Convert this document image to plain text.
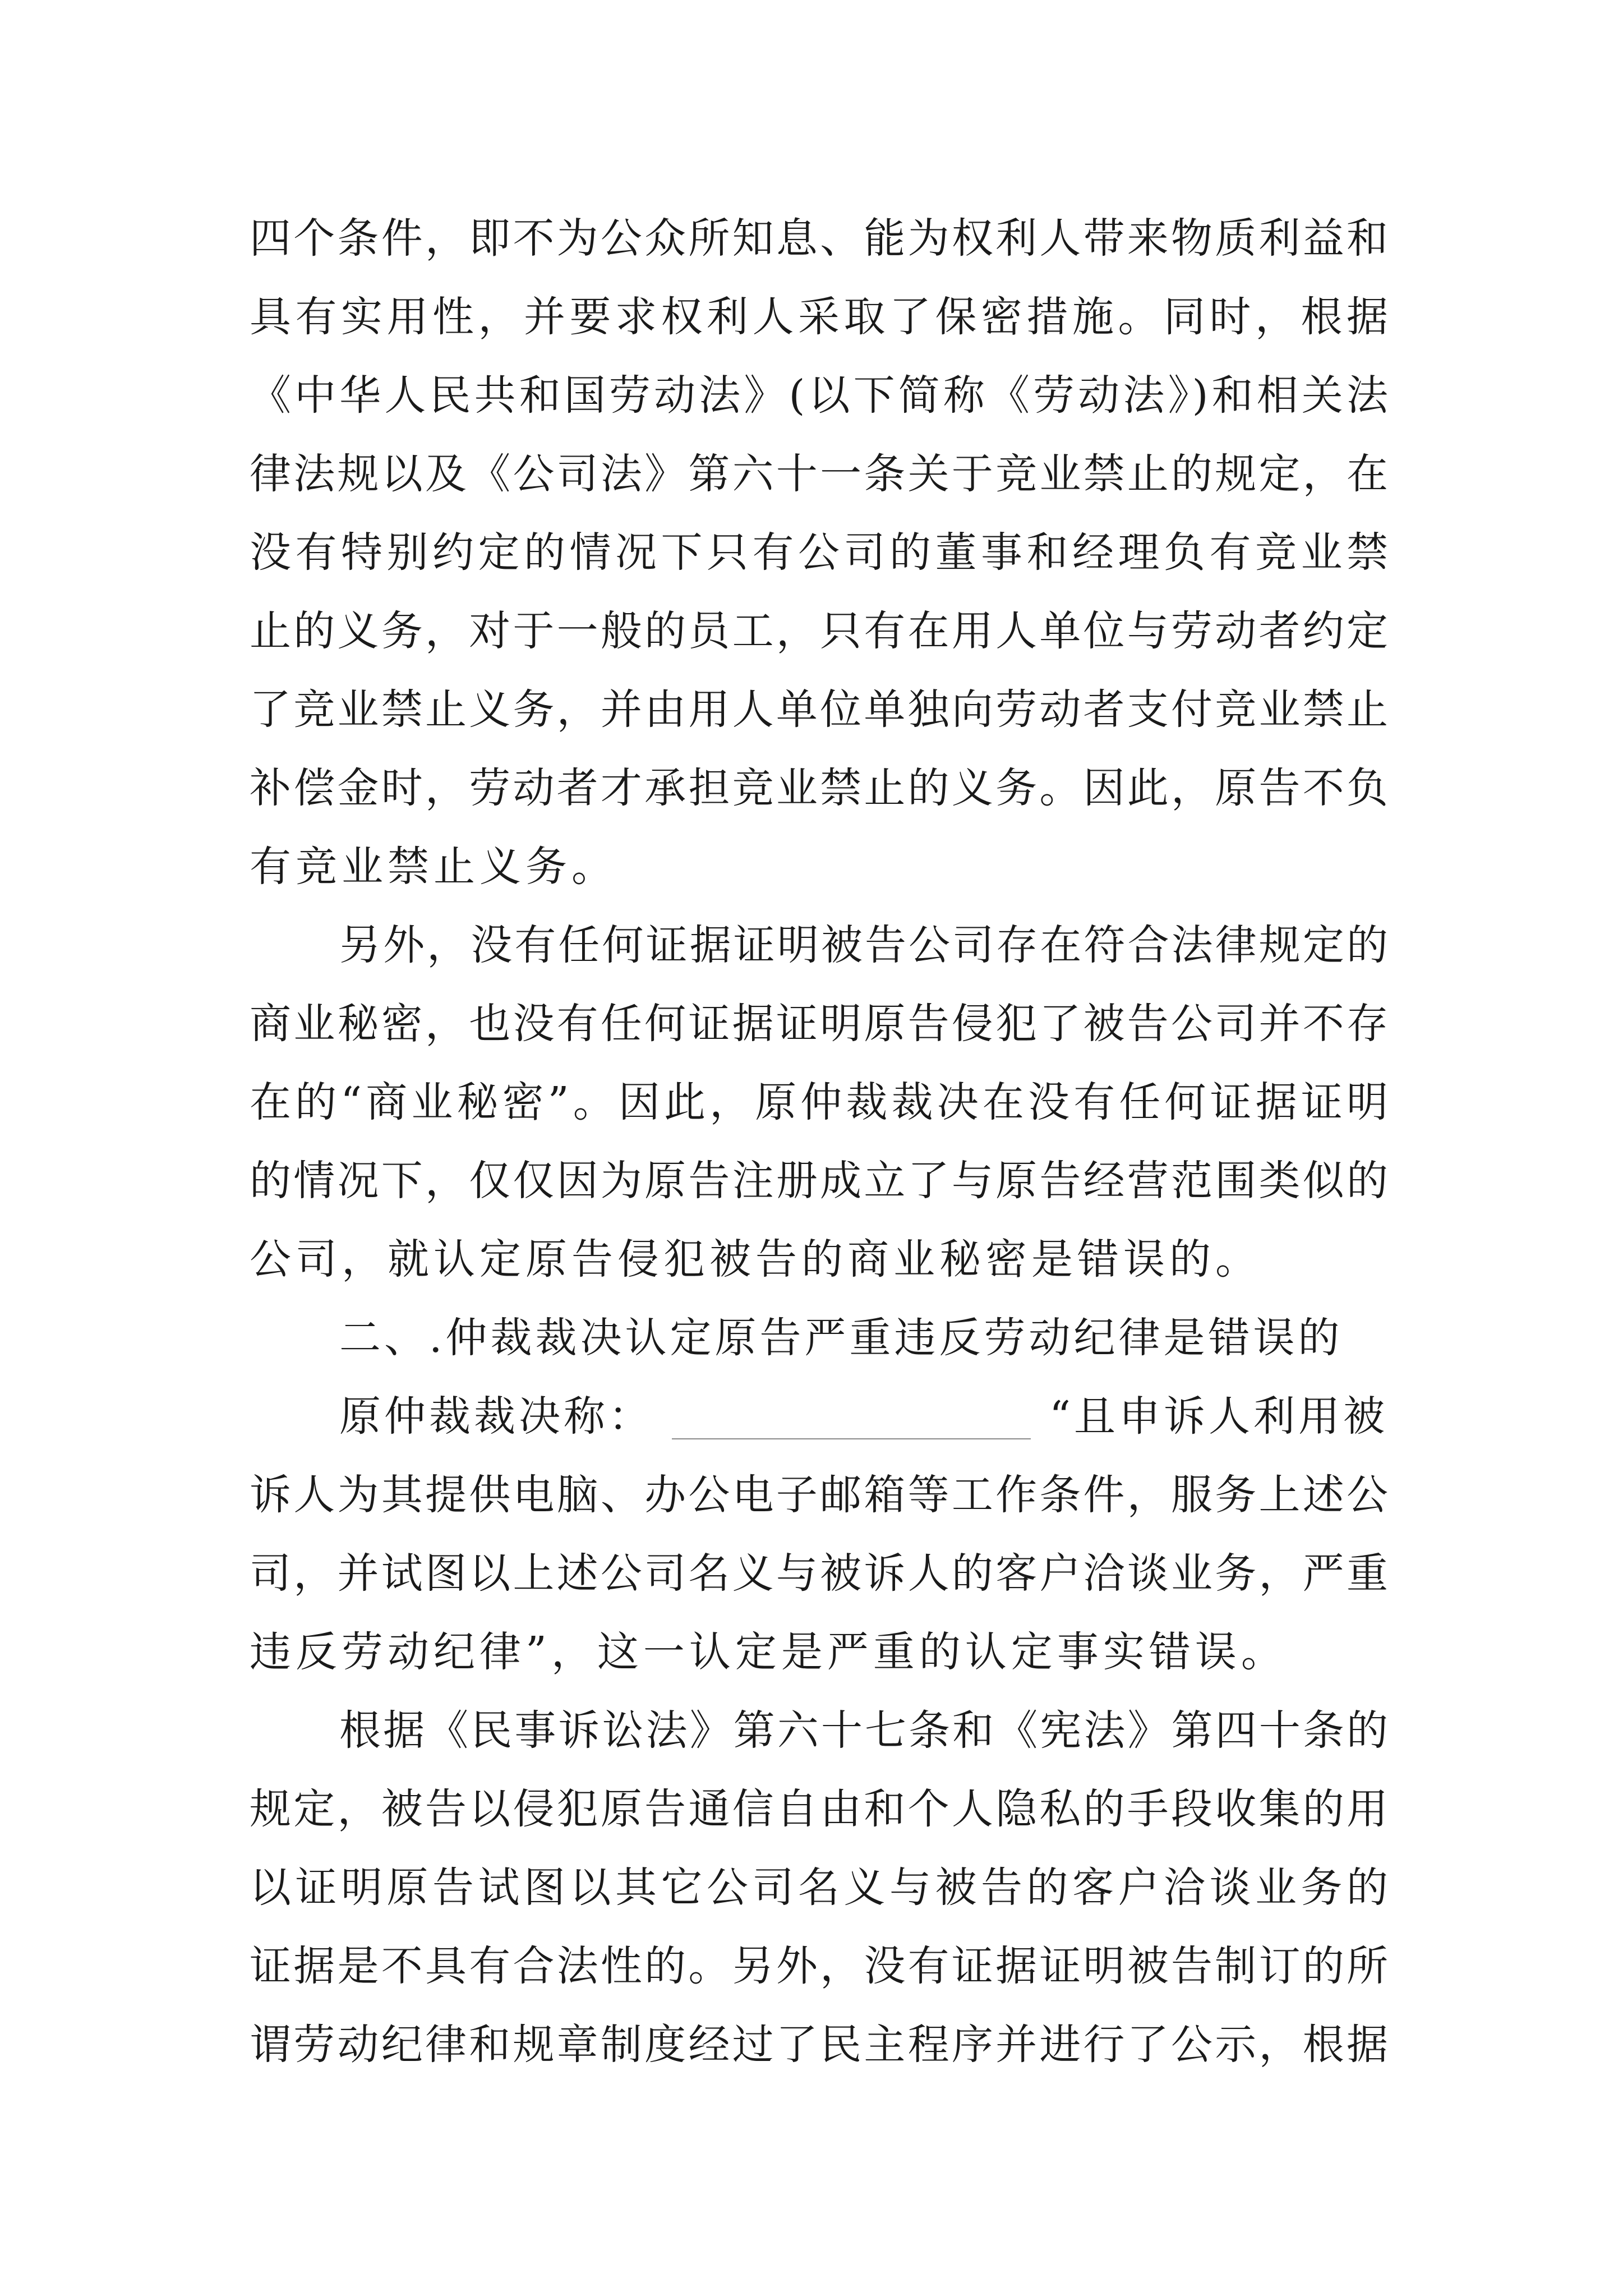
四个条件，即不为公众所知息、能为权利人带来物质利益和
具有实用性，并要求权利人采取了保密措施。同时，根据
《中华人民共和国劳动法》(以下简称《劳动法》)和相关法
律法规以及《公司法》第六十一条关于竞业禁止的规定，在
没有特别约定的情况下只有公司的董事和经理负有竞业禁
止的义务，对于一般的员工，只有在用人单位与劳动者约定
了竞业禁止义务，并由用人单位单独向劳动者支付竞业禁止
补偿金时，劳动者才承担竞业禁止的义务。因此，原告不负
有竞业禁止义务。
另外，没有任何证据证明被告公司存在符合法律规定的
商业秘密，也没有任何证据证明原告侵犯了被告公司并不存
在的“商业秘密”。因此，原仲裁裁决在没有任何证据证明
的情况下，仅仅因为原告注册成立了与原告经营范围类似的
公司，就认定原告侵犯被告的商业秘密是错误的。
二、.仲裁裁决认定原告严重违反劳动纪律是错误的
原仲裁裁决称：	“且申诉人利用被
诉人为其提供电脑、办公电子邮箱等工作条件，服务上述公
司，并试图以上述公司名义与被诉人的客户洽谈业务，严重
违反劳动纪律”，这一认定是严重的认定事实错误。
根据《民事诉讼法》第六十七条和《宪法》第四十条的
规定，被告以侵犯原告通信自由和个人隐私的手段收集的用
以证明原告试图以其它公司名义与被告的客户洽谈业务的
证据是不具有合法性的。另外，没有证据证明被告制订的所
谓劳动纪律和规章制度经过了民主程序并进行了公示，根据
